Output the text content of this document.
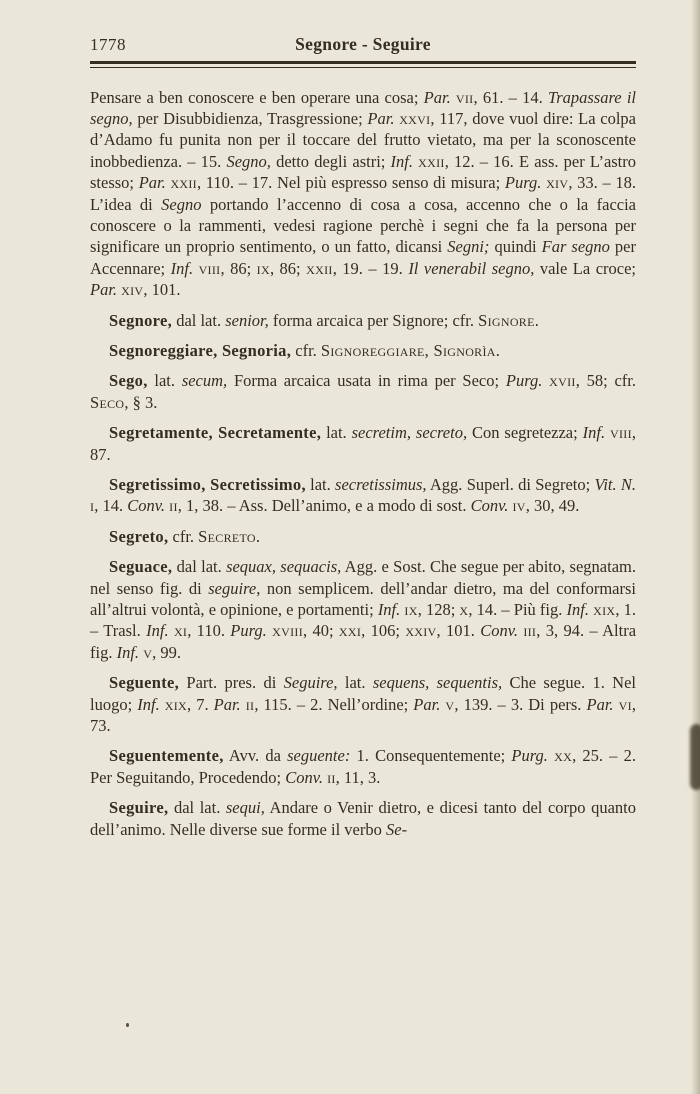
1778	Segnore - Seguire

Pensare a ben conoscere e ben operare una cosa; Par. vii, 61. – 14. Trapassare il segno, per Disubbidienza, Trasgressione; Par. xxvi, 117, dove vuol dire: La colpa d’Adamo fu punita non per il toccare del frutto vietato, ma per la sconoscente inobbedienza. – 15. Segno, detto degli astri; Inf. xxii, 12. – 16. E ass. per L’astro stesso; Par. xxii, 110. – 17. Nel più espresso senso di misura; Purg. xiv, 33. – 18. L’idea di Segno portando l’accenno di cosa a cosa, accenno che o la faccia conoscere o la rammenti, vedesi ragione perchè i segni che fa la persona per significare un proprio sentimento, o un fatto, dicansi Segni; quindi Far segno per Accennare; Inf. viii, 86; ix, 86; xxii, 19. – 19. Il venerabil segno, vale La croce; Par. xiv, 101.

Segnore, dal lat. senior, forma arcaica per Signore; cfr. Signore.

Segnoreggiare, Segnoria, cfr. Signoreggiare, Signorìa.

Sego, lat. secum, Forma arcaica usata in rima per Seco; Purg. xvii, 58; cfr. Seco, § 3.

Segretamente, Secretamente, lat. secretim, secreto, Con segretezza; Inf. viii, 87.

Segretissimo, Secretissimo, lat. secretissimus, Agg. Superl. di Segreto; Vit. N. i, 14. Conv. ii, 1, 38. – Ass. Dell’animo, e a modo di sost. Conv. iv, 30, 49.

Segreto, cfr. Secreto.

Seguace, dal lat. sequax, sequacis, Agg. e Sost. Che segue per abito, segnatam. nel senso fig. di seguire, non semplicem. dell’andar dietro, ma del conformarsi all’altrui volontà, e opinione, e portamenti; Inf. ix, 128; x, 14. – Più fig. Inf. xix, 1. – Trasl. Inf. xi, 110. Purg. xviii, 40; xxi, 106; xxiv, 101. Conv. iii, 3, 94. – Altra fig. Inf. v, 99.

Seguente, Part. pres. di Seguire, lat. sequens, sequentis, Che segue. 1. Nel luogo; Inf. xix, 7. Par. ii, 115. – 2. Nell’ordine; Par. v, 139. – 3. Di pers. Par. vi, 73.

Seguentemente, Avv. da seguente: 1. Consequentemente; Purg. xx, 25. – 2. Per Seguitando, Procedendo; Conv. ii, 11, 3.

Seguire, dal lat. sequi, Andare o Venir dietro, e dicesi tanto del corpo quanto dell’animo. Nelle diverse sue forme il verbo Se-
